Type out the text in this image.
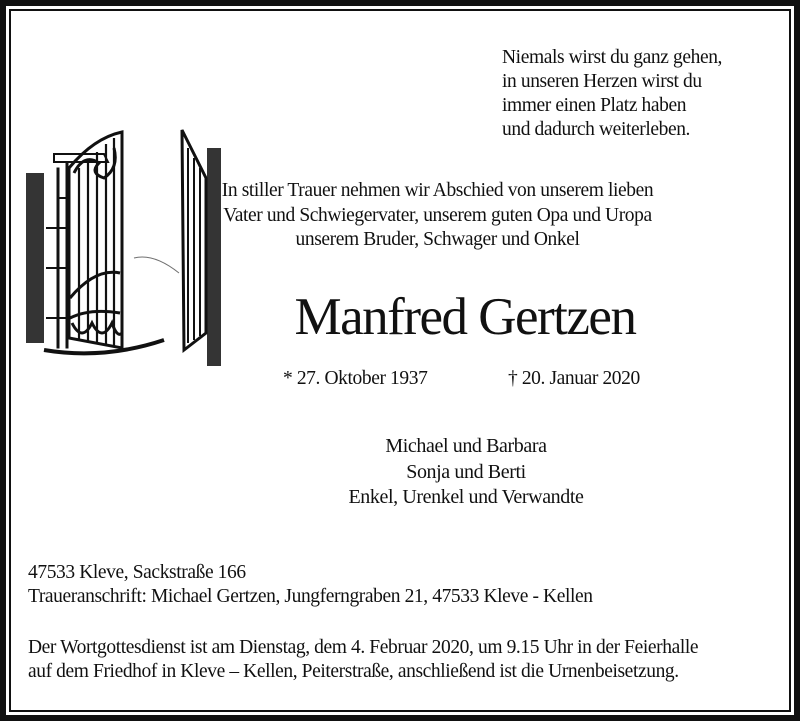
Niemals wirst du ganz gehen,
in unseren Herzen wirst du
immer einen Platz haben
und dadurch weiterleben.
In stiller Trauer nehmen wir Abschied von unserem lieben
Vater und Schwiegervater, unserem guten Opa und Uropa
unserem Bruder, Schwager und Onkel
Manfred Gertzen
* 27. Oktober 1937	† 20. Januar 2020
Michael und Barbara
Sonja und Berti
Enkel, Urenkel und Verwandte
47533 Kleve, Sackstraße 166
Traueranschrift: Michael Gertzen, Jungferngraben 21, 47533 Kleve - Kellen
Der Wortgottesdienst ist am Dienstag, dem 4. Februar 2020, um 9.15 Uhr in der Feierhalle
auf dem Friedhof in Kleve – Kellen, Peiterstraße, anschließend ist die Urnenbeisetzung.
